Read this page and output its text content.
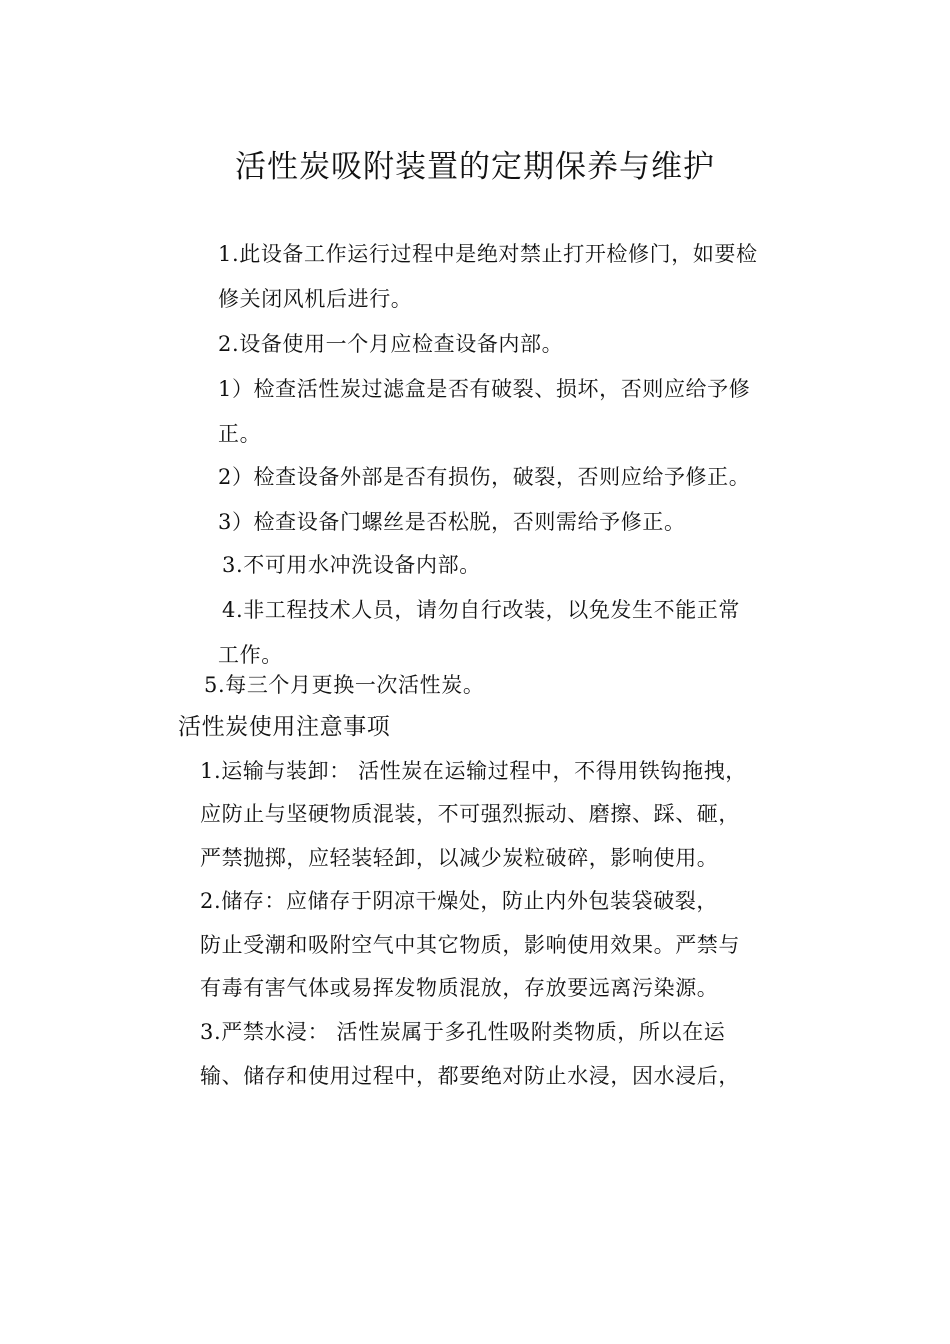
活性炭吸附装置的定期保养与维护
1.此设备工作运行过程中是绝对禁止打开检修门，如要检
修关闭风机后进行。
2.设备使用一个月应检查设备内部。
1）检查活性炭过滤盒是否有破裂、损坏，否则应给予修
正。
2）检查设备外部是否有损伤，破裂，否则应给予修正。
3）检查设备门螺丝是否松脱，否则需给予修正。
3.不可用水冲洗设备内部。
4.非工程技术人员，请勿自行改装，以免发生不能正常
工作。
5.每三个月更换一次活性炭。
活性炭使用注意事项
1.运输与装卸： 活性炭在运输过程中，不得用铁钩拖拽，
应防止与坚硬物质混装，不可强烈振动、磨擦、踩、砸，
严禁抛掷，应轻装轻卸，以减少炭粒破碎，影响使用。
2.储存：应储存于阴凉干燥处，防止内外包装袋破裂，
防止受潮和吸附空气中其它物质，影响使用效果。严禁与
有毒有害气体或易挥发物质混放，存放要远离污染源。
3.严禁水浸： 活性炭属于多孔性吸附类物质，所以在运
输、储存和使用过程中，都要绝对防止水浸，因水浸后，
